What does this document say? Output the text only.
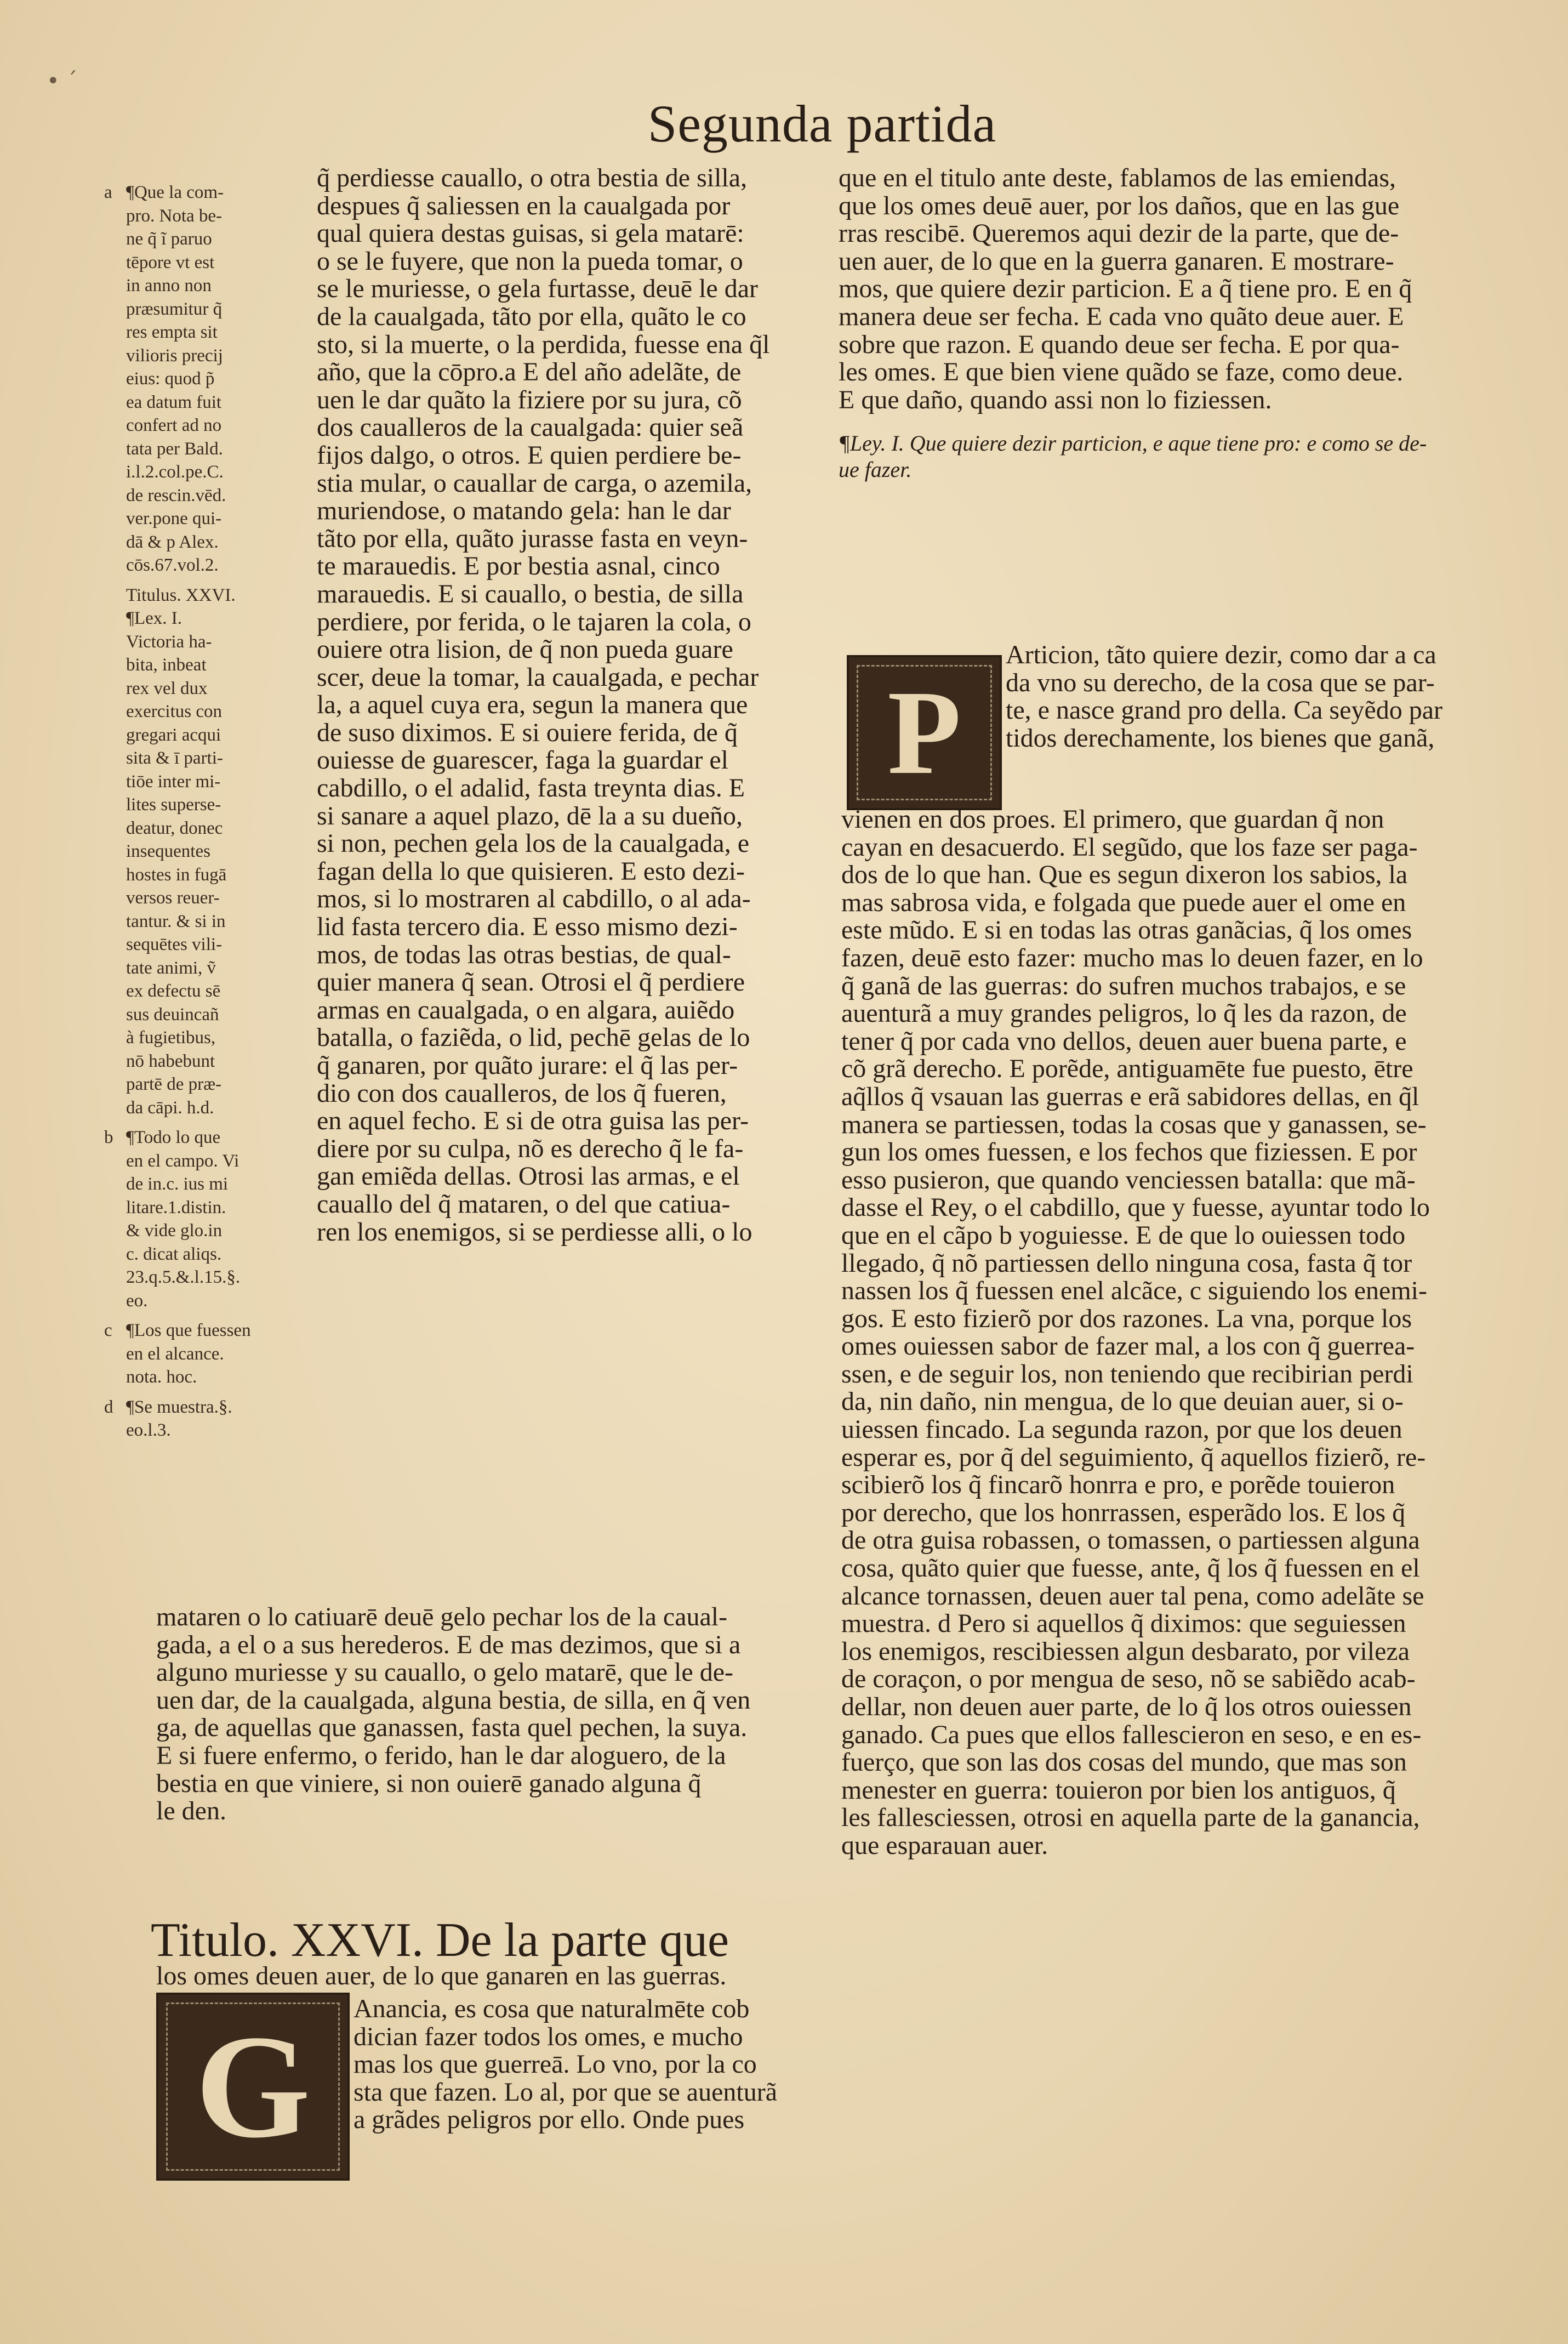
• ´
Segunda partida
a ¶Que la com-
pro. Nota be-
ne q̃ ĩ paruo
tēpore vt est
in anno non
præsumitur q̃
res empta sit
vilioris precij
eius: quod p̃
ea datum fuit
confert ad no
tata per Bald.
i.l.2.col.pe.C.
de rescin.vēd.
ver.pone qui-
dā & p Alex.
cōs.67.vol.2.
Titulus. XXVI.
¶Lex. I.
Victoria ha-
bita, inbeat
rex vel dux
exercitus con
gregari acqui
sita & ī parti-
tiōe inter mi-
lites superse-
deatur, donec
insequentes
hostes in fugā
versos reuer-
tantur. & si in
sequētes vili-
tate animi, ṽ
ex defectu sē
sus deuincañ
à fugietibus,
nō habebunt
partē de præ-
da cāpi. h.d.
b ¶Todo lo que
en el campo. Vi
de in.c. ius mi
litare.1.distin.
& vide glo.in
c. dicat aliqs.
23.q.5.&.l.15.§.
eo.
c ¶Los que fuessen
en el alcance.
nota. hoc.
d ¶Se muestra.§.
eo.l.3.
q̃ perdiesse cauallo, o otra bestia de silla,
despues q̃ saliessen en la caualgada por
qual quiera destas guisas, si gela matarē:
o se le fuyere, que non la pueda tomar, o
se le muriesse, o gela furtasse, deuē le dar
de la caualgada, tãto por ella, quãto le co
sto, si la muerte, o la perdida, fuesse ena q̃l
año, que la cōpro.a E del año adelãte, de
uen le dar quãto la fiziere por su jura, cõ
dos caualleros de la caualgada: quier seã
fijos dalgo, o otros. E quien perdiere be-
stia mular, o cauallar de carga, o azemila,
muriendose, o matando gela: han le dar
tãto por ella, quãto jurasse fasta en veyn-
te marauedis. E por bestia asnal, cinco
marauedis. E si cauallo, o bestia, de silla
perdiere, por ferida, o le tajaren la cola, o
ouiere otra lision, de q̃ non pueda guare
scer, deue la tomar, la caualgada, e pechar
la, a aquel cuya era, segun la manera que
de suso diximos. E si ouiere ferida, de q̃
ouiesse de guarescer, faga la guardar el
cabdillo, o el adalid, fasta treynta dias. E
si sanare a aquel plazo, dē la a su dueño,
si non, pechen gela los de la caualgada, e
fagan della lo que quisieren. E esto dezi-
mos, si lo mostraren al cabdillo, o al ada-
lid fasta tercero dia. E esso mismo dezi-
mos, de todas las otras bestias, de qual-
quier manera q̃ sean. Otrosi el q̃ perdiere
armas en caualgada, o en algara, auiẽdo
batalla, o faziẽda, o lid, pechē gelas de lo
q̃ ganaren, por quãto jurare: el q̃ las per-
dio con dos caualleros, de los q̃ fueren,
en aquel fecho. E si de otra guisa las per-
diere por su culpa, nõ es derecho q̃ le fa-
gan emiẽda dellas. Otrosi las armas, e el
cauallo del q̃ mataren, o del que catiua-
ren los enemigos, si se perdiesse alli, o lo
mataren o lo catiuarē deuē gelo pechar los de la caual-
gada, a el o a sus herederos. E de mas dezimos, que si a
alguno muriesse y su cauallo, o gelo matarē, que le de-
uen dar, de la caualgada, alguna bestia, de silla, en q̃ ven
ga, de aquellas que ganassen, fasta quel pechen, la suya.
E si fuere enfermo, o ferido, han le dar aloguero, de la
bestia en que viniere, si non ouierē ganado alguna q̃
le den.
Titulo. XXVI. De la parte que
los omes deuen auer, de lo que ganaren en las guerras.
G Anancia, es cosa que naturalmēte cob
dician fazer todos los omes, e mucho
mas los que guerreā. Lo vno, por la co
sta que fazen. Lo al, por que se auenturã
a grãdes peligros por ello. Onde pues
que en el titulo ante deste, fablamos de las emiendas,
que los omes deuē auer, por los daños, que en las gue
rras rescibē. Queremos aqui dezir de la parte, que de-
uen auer, de lo que en la guerra ganaren. E mostrare-
mos, que quiere dezir particion. E a q̃ tiene pro. E en q̃
manera deue ser fecha. E cada vno quãto deue auer. E
sobre que razon. E quando deue ser fecha. E por qua-
les omes. E que bien viene quãdo se faze, como deue.
E que daño, quando assi non lo fiziessen.
¶Ley. I. Que quiere dezir particion, e aque tiene pro: e como se de-
ue fazer.
P
Articion, tãto quiere dezir, como dar a ca
da vno su derecho, de la cosa que se par-
te, e nasce grand pro della. Ca seyẽdo par
tidos derechamente, los bienes que ganã,
vienen en dos proes. El primero, que guardan q̃ non
cayan en desacuerdo. El segũdo, que los faze ser paga-
dos de lo que han. Que es segun dixeron los sabios, la
mas sabrosa vida, e folgada que puede auer el ome en
este mũdo. E si en todas las otras ganãcias, q̃ los omes
fazen, deuē esto fazer: mucho mas lo deuen fazer, en lo
q̃ ganã de las guerras: do sufren muchos trabajos, e se
auenturã a muy grandes peligros, lo q̃ les da razon, de
tener q̃ por cada vno dellos, deuen auer buena parte, e
cõ grã derecho. E porẽde, antiguamēte fue puesto, ētre
aq̃llos q̃ vsauan las guerras e erã sabidores dellas, en q̃l
manera se partiessen, todas la cosas que y ganassen, se-
gun los omes fuessen, e los fechos que fiziessen. E por
esso pusieron, que quando venciessen batalla: que mã-
dasse el Rey, o el cabdillo, que y fuesse, ayuntar todo lo
que en el cãpo b yoguiesse. E de que lo ouiessen todo
llegado, q̃ nõ partiessen dello ninguna cosa, fasta q̃ tor
nassen los q̃ fuessen enel alcãce, c siguiendo los enemi-
gos. E esto fizierõ por dos razones. La vna, porque los
omes ouiessen sabor de fazer mal, a los con q̃ guerrea-
ssen, e de seguir los, non teniendo que recibirian perdi
da, nin daño, nin mengua, de lo que deuian auer, si o-
uiessen fincado. La segunda razon, por que los deuen
esperar es, por q̃ del seguimiento, q̃ aquellos fizierõ, re-
scibierõ los q̃ fincarõ honrra e pro, e porẽde touieron
por derecho, que los honrrassen, esperãdo los. E los q̃
de otra guisa robassen, o tomassen, o partiessen alguna
cosa, quãto quier que fuesse, ante, q̃ los q̃ fuessen en el
alcance tornassen, deuen auer tal pena, como adelãte se
muestra. d Pero si aquellos q̃ diximos: que seguiessen
los enemigos, rescibiessen algun desbarato, por vileza
de coraçon, o por mengua de seso, nõ se sabiẽdo acab-
dellar, non deuen auer parte, de lo q̃ los otros ouiessen
ganado. Ca pues que ellos fallescieron en seso, e en es-
fuerço, que son las dos cosas del mundo, que mas son
menester en guerra: touieron por bien los antiguos, q̃
les fallesciessen, otrosi en aquella parte de la ganancia,
que esparauan auer.
